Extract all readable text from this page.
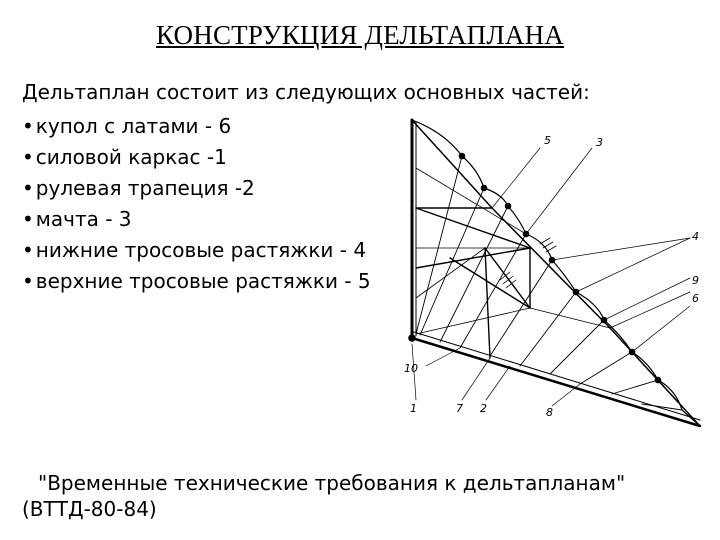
КОНСТРУКЦИЯ ДЕЛЬТАПЛАНА
Дельтаплан состоит из следующих основных частей:
• купол с латами - 6
• силовой каркас -1
• рулевая трапеция -2
• мачта - 3
• нижние тросовые растяжки - 4
• верхние тросовые растяжки - 5
5	3
4
9
6
10
1	7 2	8
"Временные технические требования к дельтапланам"
(ВТТД-80-84)
